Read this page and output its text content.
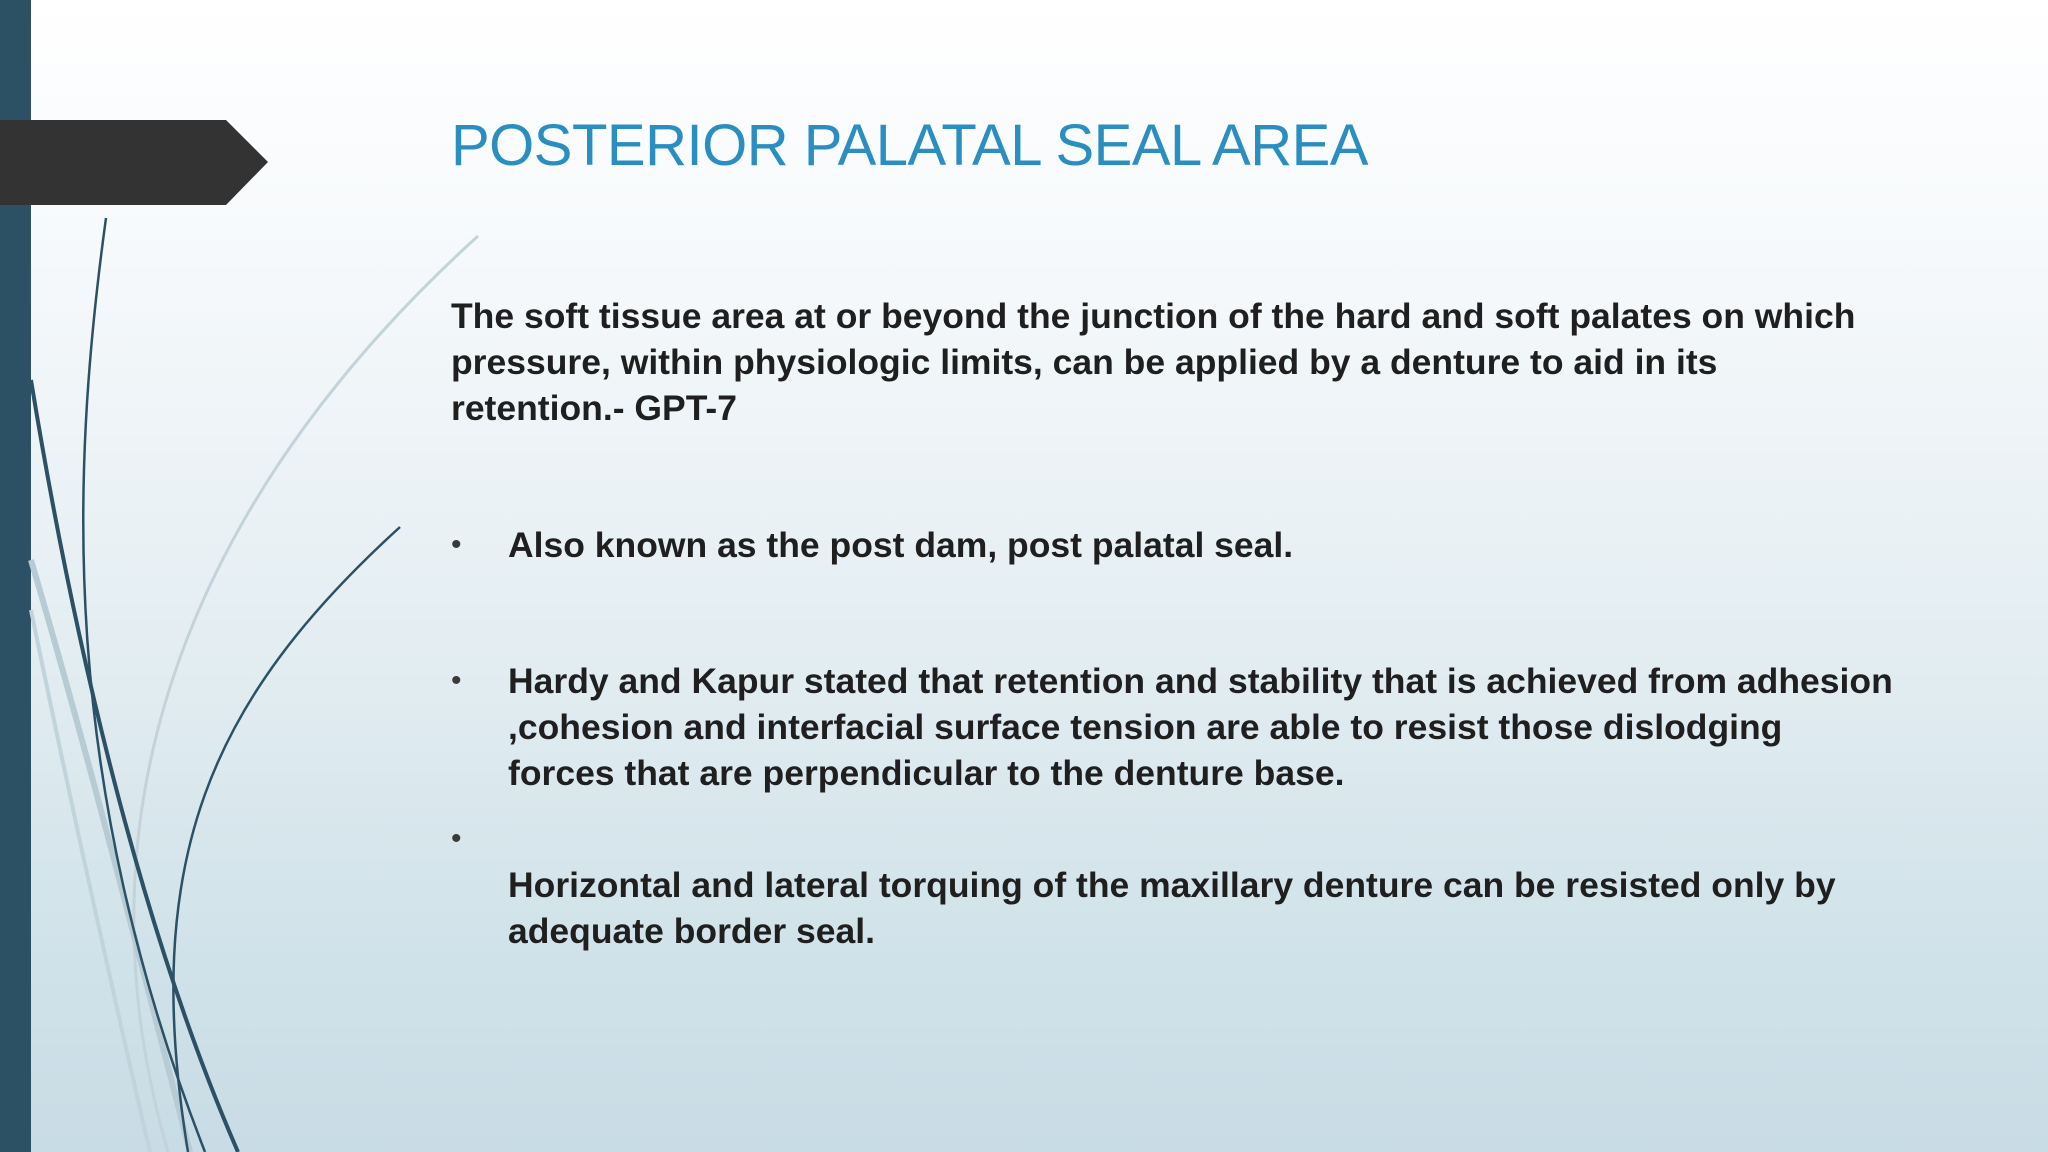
POSTERIOR PALATAL SEAL AREA

The soft tissue area at or beyond the junction of the hard and soft palates on which pressure, within physiologic limits, can be applied by a denture to aid in its retention.- GPT-7

• Also known as the post dam, post palatal seal.
• Hardy and Kapur stated that retention and stability that is achieved from adhesion ,cohesion and interfacial surface tension are able to resist those dislodging forces that are perpendicular to the denture base.
•
Horizontal and lateral torquing of the maxillary denture can be resisted only by adequate border seal.
